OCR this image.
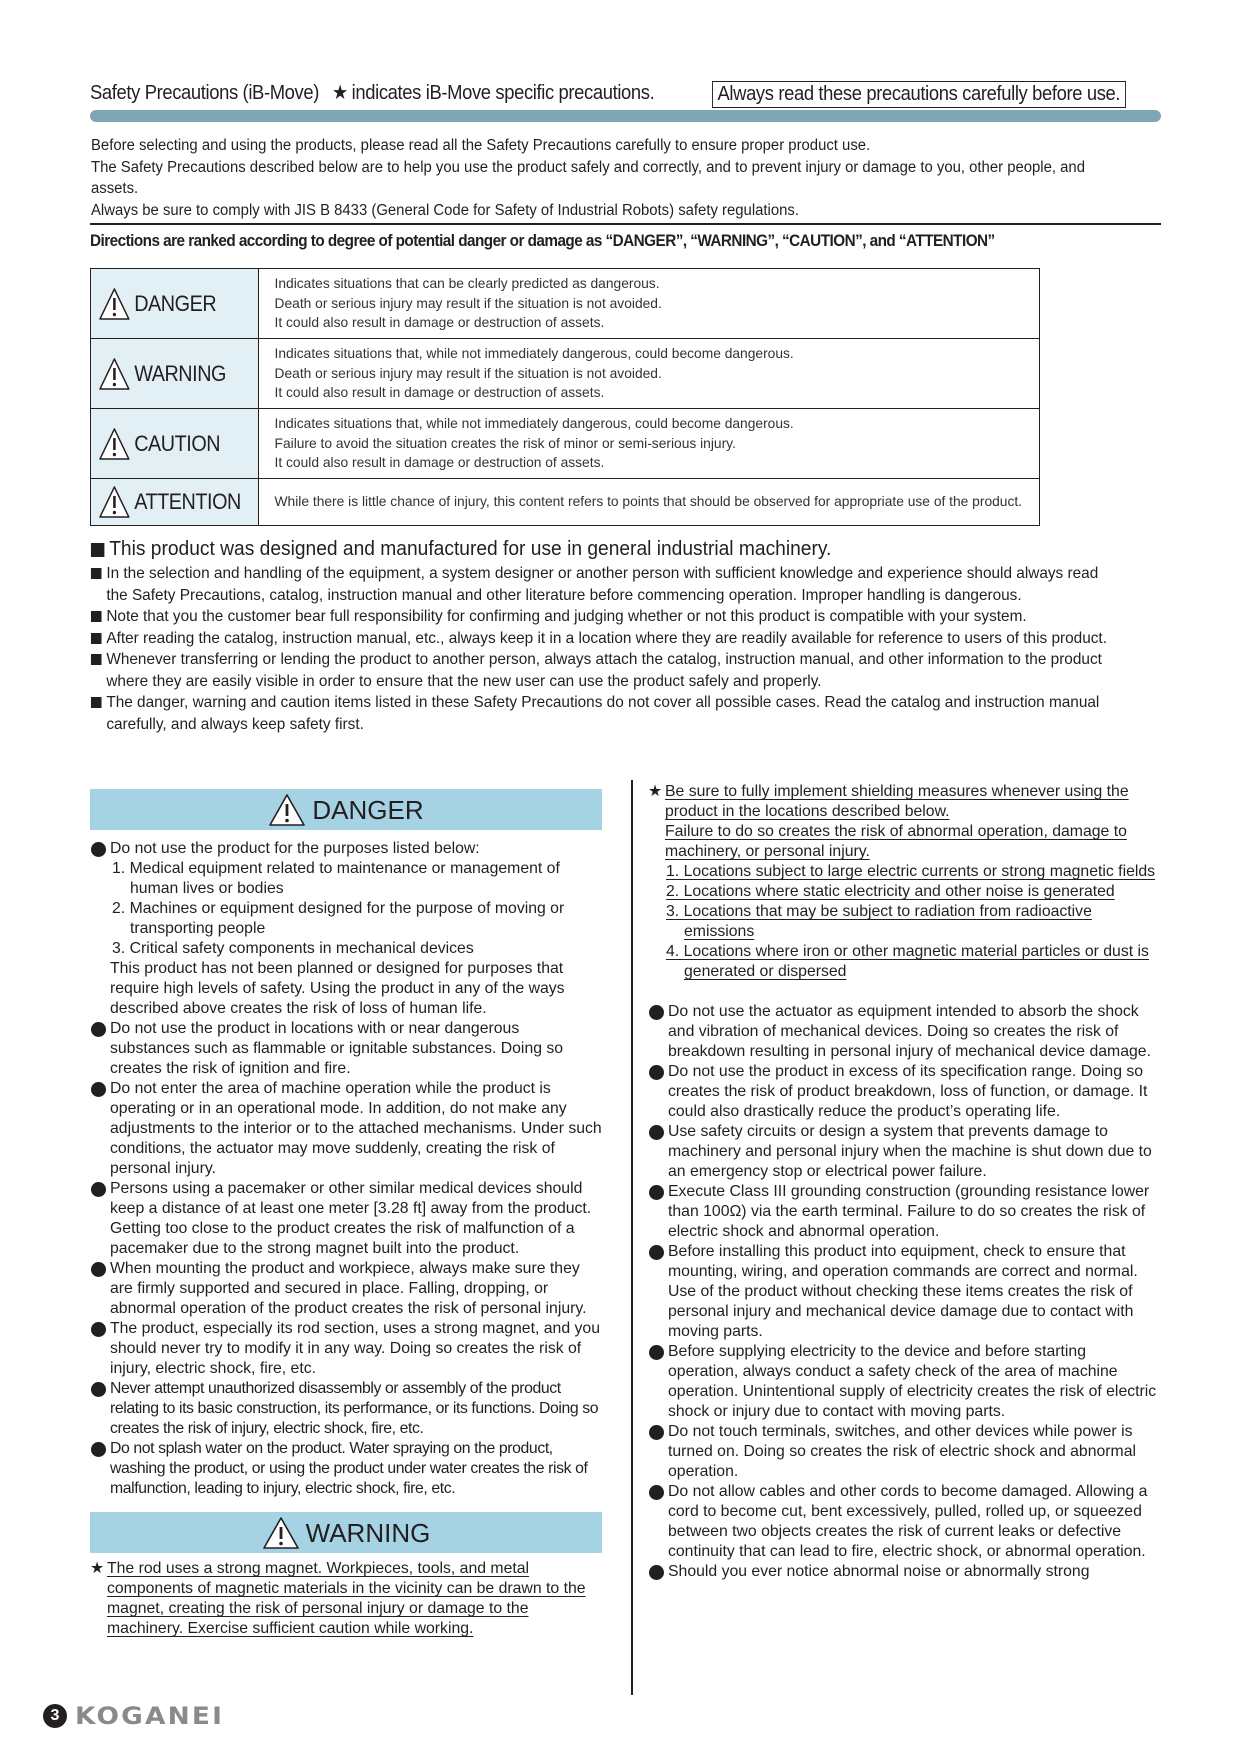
Safety Precautions (iB-Move) ★ indicates iB-Move specific precautions.	Always read these precautions carefully before use.

Before selecting and using the products, please read all the Safety Precautions carefully to ensure proper product use.

The Safety Precautions described below are to help you use the product safely and correctly, and to prevent injury or damage to you, other people, and assets.

Always be sure to comply with JIS B 8433 (General Code for Safety of Industrial Robots) safety regulations.

Directions are ranked according to degree of potential danger or damage as “DANGER”, “WARNING”, “CAUTION”, and “ATTENTION”
DANGER	Indicates situations that can be clearly predicted as dangerous.

Death or serious injury may result if the situation is not avoided.

It could also result in damage or destruction of assets.

WARNING	Indicates situations that, while not immediately dangerous, could become dangerous.

Death or serious injury may result if the situation is not avoided.

It could also result in damage or destruction of assets.

CAUTION	Indicates situations that, while not immediately dangerous, could become dangerous.

Failure to avoid the situation creates the risk of minor or semi-serious injury.

It could also result in damage or destruction of assets.

ATTENTION	While there is little chance of injury, this content refers to points that should be observed for appropriate use of the product.

This product was designed and manufactured for use in general industrial machinery.

In the selection and handling of the equipment, a system designer or another person with sufficient knowledge and experience should always read the Safety Precautions, catalog, instruction manual and other literature before commencing operation. Improper handling is dangerous.

Note that you the customer bear full responsibility for confirming and judging whether or not this product is compatible with your system.

After reading the catalog, instruction manual, etc., always keep it in a location where they are readily available for reference to users of this product.

Whenever transferring or lending the product to another person, always attach the catalog, instruction manual, and other information to the product where they are easily visible in order to ensure that the new user can use the product safely and properly.

The danger, warning and caution items listed in these Safety Precautions do not cover all possible cases. Read the catalog and instruction manual carefully, and always keep safety first.

DANGER

Do not use the product for the purposes listed below:

1. Medical equipment related to maintenance or management of human lives or bodies

2. Machines or equipment designed for the purpose of moving or transporting people

3. Critical safety components in mechanical devices

This product has not been planned or designed for purposes that require high levels of safety. Using the product in any of the ways described above creates the risk of loss of human life.

Do not use the product in locations with or near dangerous substances such as flammable or ignitable substances. Doing so creates the risk of ignition and fire.

Do not enter the area of machine operation while the product is operating or in an operational mode. In addition, do not make any adjustments to the interior or to the attached mechanisms. Under such conditions, the actuator may move suddenly, creating the risk of personal injury.

Persons using a pacemaker or other similar medical devices should keep a distance of at least one meter [3.28 ft] away from the product. Getting too close to the product creates the risk of malfunction of a pacemaker due to the strong magnet built into the product.

When mounting the product and workpiece, always make sure they are firmly supported and secured in place. Falling, dropping, or abnormal operation of the product creates the risk of personal injury.

The product, especially its rod section, uses a strong magnet, and you should never try to modify it in any way. Doing so creates the risk of injury, electric shock, fire, etc.

Never attempt unauthorized disassembly or assembly of the product relating to its basic construction, its performance, or its functions. Doing so creates the risk of injury, electric shock, fire, etc.

Do not splash water on the product. Water spraying on the product, washing the product, or using the product under water creates the risk of malfunction, leading to injury, electric shock, fire, etc.

WARNING

★ The rod uses a strong magnet. Workpieces, tools, and metal components of magnetic materials in the vicinity can be drawn to the magnet, creating the risk of personal injury or damage to the machinery. Exercise sufficient caution while working.

★ Be sure to fully implement shielding measures whenever using the product in the locations described below.

Failure to do so creates the risk of abnormal operation, damage to machinery, or personal injury.

1. Locations subject to large electric currents or strong magnetic fields

2. Locations where static electricity and other noise is generated

3. Locations that may be subject to radiation from radioactive emissions

4. Locations where iron or other magnetic material particles or dust is generated or dispersed

Do not use the actuator as equipment intended to absorb the shock and vibration of mechanical devices. Doing so creates the risk of breakdown resulting in personal injury of mechanical device damage.

Do not use the product in excess of its specification range. Doing so creates the risk of product breakdown, loss of function, or damage. It could also drastically reduce the product’s operating life.

Use safety circuits or design a system that prevents damage to machinery and personal injury when the machine is shut down due to an emergency stop or electrical power failure.

Execute Class III grounding construction (grounding resistance lower than 100Ω) via the earth terminal. Failure to do so creates the risk of electric shock and abnormal operation.

Before installing this product into equipment, check to ensure that mounting, wiring, and operation commands are correct and normal. Use of the product without checking these items creates the risk of personal injury and mechanical device damage due to contact with moving parts.

Before supplying electricity to the device and before starting operation, always conduct a safety check of the area of machine operation. Unintentional supply of electricity creates the risk of electric shock or injury due to contact with moving parts.

Do not touch terminals, switches, and other devices while power is turned on. Doing so creates the risk of electric shock and abnormal operation.

Do not allow cables and other cords to become damaged. Allowing a cord to become cut, bent excessively, pulled, rolled up, or squeezed between two objects creates the risk of current leaks or defective continuity that can lead to fire, electric shock, or abnormal operation.

Should you ever notice abnormal noise or abnormally strong

3 KOGANEI
